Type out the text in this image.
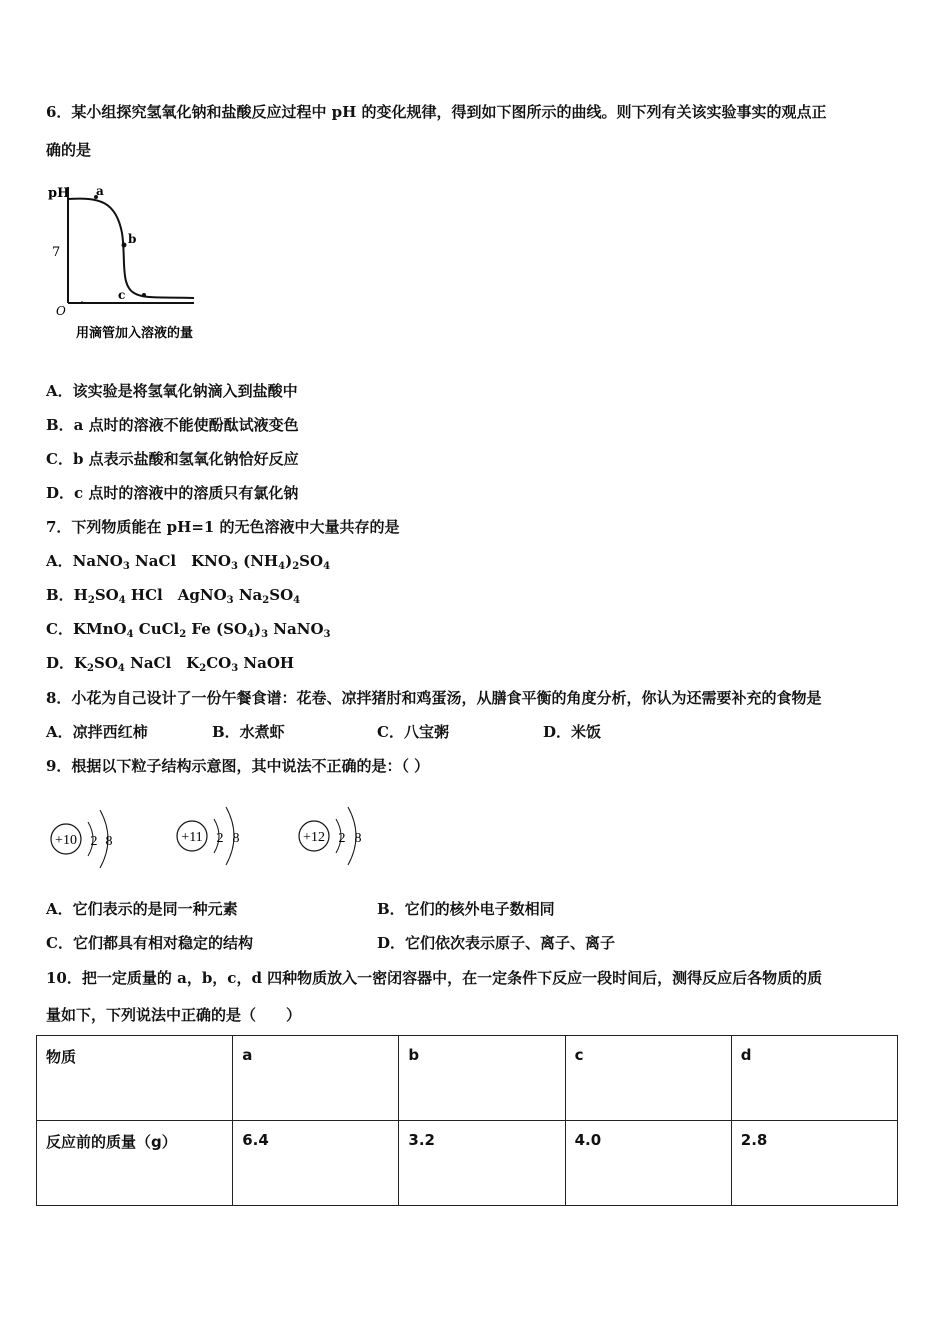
6．某小组探究氢氧化钠和盐酸反应过程中 pH 的变化规律，得到如下图所示的曲线。则下列有关该实验事实的观点正
确的是
pH
7
O
a
b
c
用滴管加入溶液的量
A．该实验是将氢氧化钠滴入到盐酸中
B．a 点时的溶液不能使酚酞试液变色
C．b 点表示盐酸和氢氧化钠恰好反应
D．c 点时的溶液中的溶质只有氯化钠
7．下列物质能在 pH=1 的无色溶液中大量共存的是
A．NaNO$_3$ NaCl　$KNO_3$ $(NH_4)_2SO_4$
B．$H_2SO_4$ HCl　AgNO$_3$ $Na_2SO_4$
C．KMnO$_4$ CuCl$_2$ Fe $(SO_4)_3$ NaNO$_3$
D．$K_2SO_4$ NaCl　$K_2CO_3$ NaOH
8．小花为自己设计了一份午餐食谱：花卷、凉拌猪肘和鸡蛋汤，从膳食平衡的角度分析，你认为还需要补充的食物是
A．凉拌西红柿	B．水煮虾	C．八宝粥	D．米饭
9．根据以下粒子结构示意图，其中说法不正确的是：（ ）
+10 2 8	+11 2 8	+12 2 8
A．它们表示的是同一种元素	B．它们的核外电子数相同
C．它们都具有相对稳定的结构	D．它们依次表示原子、离子、离子
10．把一定质量的 a，b，c，d 四种物质放入一密闭容器中，在一定条件下反应一段时间后，测得反应后各物质的质
量如下，下列说法中正确的是（　　）
物质	a	b	c	d
反应前的质量（g）	6.4	3.2	4.0	2.8
